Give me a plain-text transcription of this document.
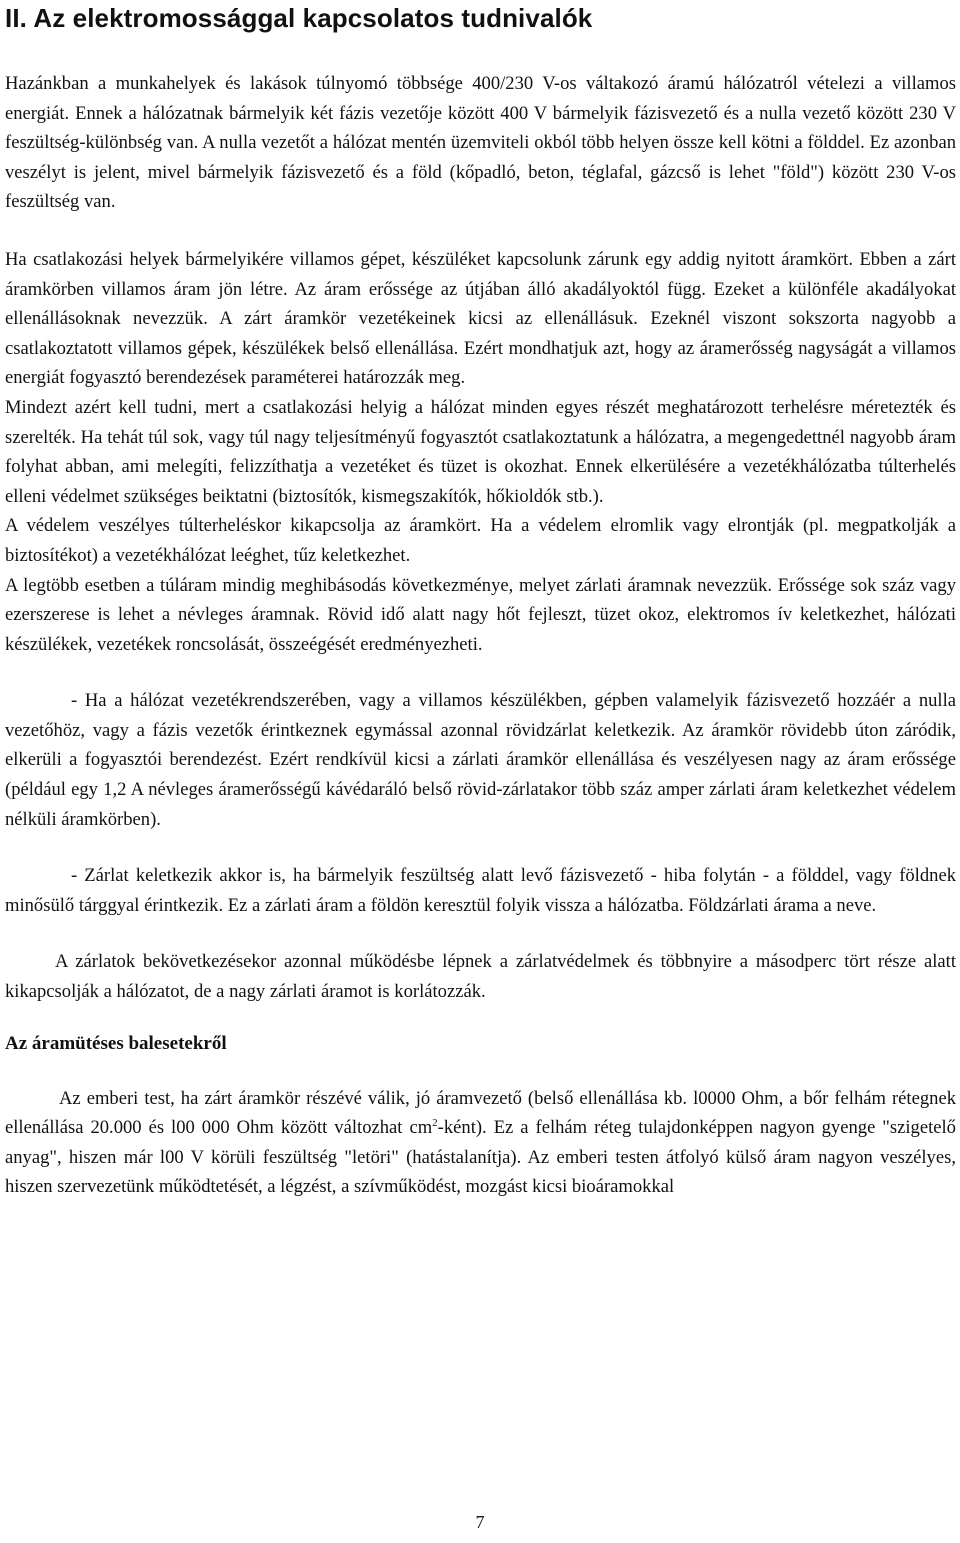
II. Az elektromossággal kapcsolatos tudnivalók

Hazánkban a munkahelyek és lakások túlnyomó többsége 400/230 V-os váltakozó áramú hálózatról vételezi a villamos energiát. Ennek a hálózatnak bármelyik két fázis vezetője között 400 V bármelyik fázisvezető és a nulla vezető között 230 V feszültség-különbség van. A nulla vezetőt a hálózat mentén üzemviteli okból több helyen össze kell kötni a földdel. Ez azonban veszélyt is jelent, mivel bármelyik fázisvezető és a föld (kőpadló, beton, téglafal, gázcső is lehet "föld") között 230 V-os feszültség van.

Ha csatlakozási helyek bármelyikére villamos gépet, készüléket kapcsolunk zárunk egy addig nyitott áramkört. Ebben a zárt áramkörben villamos áram jön létre. Az áram erőssége az útjában álló akadályoktól függ. Ezeket a különféle akadályokat ellenállásoknak nevezzük. A zárt áramkör vezetékeinek kicsi az ellenállásuk. Ezeknél viszont sokszorta nagyobb a csatlakoztatott villamos gépek, készülékek belső ellenállása. Ezért mondhatjuk azt, hogy az áramerősség nagyságát a villamos energiát fogyasztó berendezések paraméterei határozzák meg.

Mindezt azért kell tudni, mert a csatlakozási helyig a hálózat minden egyes részét meghatározott terhelésre méretezték és szerelték. Ha tehát túl sok, vagy túl nagy teljesítményű fogyasztót csatlakoztatunk a hálózatra, a megengedettnél nagyobb áram folyhat abban, ami melegíti, felizzíthatja a vezetéket és tüzet is okozhat. Ennek elkerülésére a vezetékhálózatba túlterhelés elleni védelmet szükséges beiktatni (biztosítók, kismegszakítók, hőkioldók stb.).

A védelem veszélyes túlterheléskor kikapcsolja az áramkört. Ha a védelem elromlik vagy elrontják (pl. megpatkolják a biztosítékot) a vezetékhálózat leéghet, tűz keletkezhet.

A legtöbb esetben a túláram mindig meghibásodás következménye, melyet zárlati áramnak nevezzük. Erőssége sok száz vagy ezerszerese is lehet a névleges áramnak. Rövid idő alatt nagy hőt fejleszt, tüzet okoz, elektromos ív keletkezhet, hálózati készülékek, vezetékek roncsolását, összeégését eredményezheti.

- Ha a hálózat vezetékrendszerében, vagy a villamos készülékben, gépben valamelyik fázisvezető hozzáér a nulla vezetőhöz, vagy a fázis vezetők érintkeznek egymással azonnal rövidzárlat keletkezik. Az áramkör rövidebb úton záródik, elkerüli a fogyasztói berendezést. Ezért rendkívül kicsi a zárlati áramkör ellenállása és veszélyesen nagy az áram erőssége (például egy 1,2 A névleges áramerősségű kávédaráló belső rövid-zárlatakor több száz amper zárlati áram keletkezhet védelem nélküli áramkörben).

- Zárlat keletkezik akkor is, ha bármelyik feszültség alatt levő fázisvezető - hiba folytán - a földdel, vagy földnek minősülő tárggyal érintkezik. Ez a zárlati áram a földön keresztül folyik vissza a hálózatba. Földzárlati árama a neve.

A zárlatok bekövetkezésekor azonnal működésbe lépnek a zárlatvédelmek és többnyire a másodperc tört része alatt kikapcsolják a hálózatot, de a nagy zárlati áramot is korlátozzák.

Az áramütéses balesetekről

Az emberi test, ha zárt áramkör részévé válik, jó áramvezető (belső ellenállása kb. l0000 Ohm, a bőr felhám rétegnek ellenállása 20.000 és l00 000 Ohm között változhat $cm^2-ként$). Ez a felhám réteg tulajdonképpen nagyon gyenge "szigetelő anyag", hiszen már l00 V körüli feszültség "letöri" (hatástalanítja). Az emberi testen átfolyó külső áram nagyon veszélyes, hiszen szervezetünk működtetését, a légzést, a szívműködést, mozgást kicsi bioáramokkal

7
